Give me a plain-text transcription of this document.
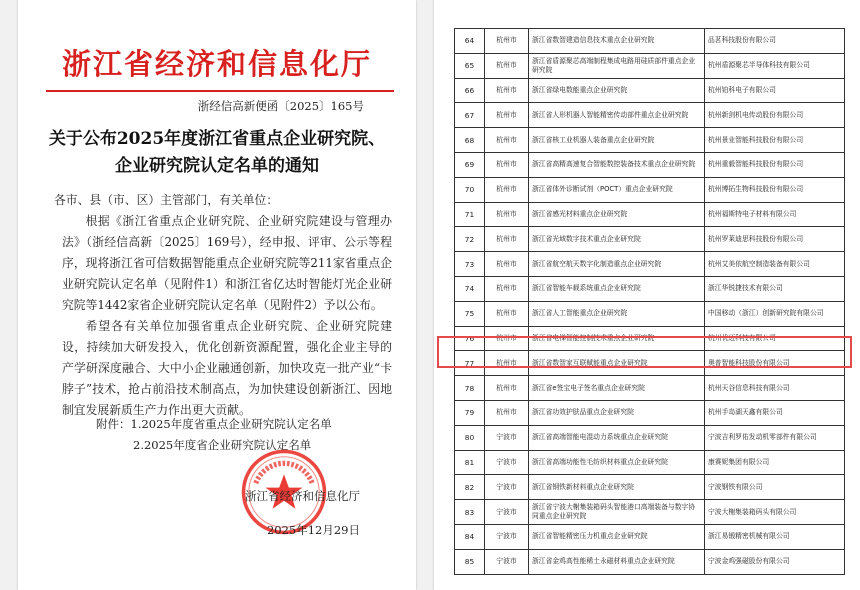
浙江省经济和信息化厅
浙经信高新便函〔2025〕165号
关于公布2025年度浙江省重点企业研究院、
企业研究院认定名单的通知
各市、县（市、区）主管部门，有关单位：
根据《浙江省重点企业研究院、企业研究院建设与管理办法》（浙经信高新〔2025〕169号），经申报、评审、公示等程序，现将浙江省可信数据智能重点企业研究院等211家省重点企业研究院认定名单（见附件1）和浙江省亿达时智能灯光企业研究院等1442家省企业研究院认定名单（见附件2）予以公布。
希望各有关单位加强省重点企业研究院、企业研究院建设，持续加大研发投入，优化创新资源配置，强化企业主导的产学研深度融合、大中小企业融通创新，加快攻克一批产业“卡脖子”技术，抢占前沿技术制高点，为加快建设创新浙江、因地制宜发展新质生产力作出更大贡献。
附件：1.2025年度省重点企业研究院认定名单
2.2025年度省企业研究院认定名单
浙江省经济和信息化厅
2025年12月29日
64	杭州市	浙江省数智建造信息技术重点企业研究院	品茗科技股份有限公司
65	杭州市	浙江省盾源聚芯高端制程集成电路用硅质部件重点企业研究院	杭州盾源聚芯半导体科技有限公司
66	杭州市	浙江省绿电数能重点企业研究院	杭州铂科电子有限公司
67	杭州市	浙江省人形机器人智能精密传动部件重点企业研究院	杭州新剑机电传动股份有限公司
68	杭州市	浙江省核工业机器人装备重点企业研究院	杭州景业智能科技股份有限公司
69	杭州市	浙江省高精高速复合智能数控装备技术重点企业研究院	杭州重毅智能科技股份有限公司
70	杭州市	浙江省体外诊断试剂（POCT）重点企业研究院	杭州博拓生物科技股份有限公司
71	杭州市	浙江省感光材料重点企业研究院	杭州福斯特电子材料有限公司
72	杭州市	浙江省光域数字技术重点企业研究院	杭州罗莱迪思科技股份有限公司
73	杭州市	浙江省航空航天数字化制造重点企业研究院	杭州艾美依航空制造装备有限公司
74	杭州市	浙江省智能车载系统重点企业研究院	浙江华锐捷技术有限公司
75	杭州市	浙江省人工智能重点企业研究院	中国移动（浙江）创新研究院有限公司
76	杭州市	浙江省电梯智能控制技术重点企业研究院	杭州优迈科技有限公司
77	杭州市	浙江省数智家互联赋能重点企业研究院	奥普智能科技股份有限公司
78	杭州市	浙江省e签宝电子签名重点企业研究院	杭州天谷信息科技有限公司
79	杭州市	浙江省功效护肤品重点企业研究院	杭州手岛湖天鑫有限公司
80	宁波市	浙江省高端智能电混动力系统重点企业研究院	宁波吉利罗佑发动机零部件有限公司
81	宁波市	浙江省高端功能性毛纺织材料重点企业研究院	康赛妮集团有限公司
82	宁波市	浙江省钢铁新材料重点企业研究院	宁波钢铁有限公司
83	宁波市	浙江省宁波大榭集装箱码头智能港口高端装备与数字协同重点企业研究院	宁波大榭集装箱码头有限公司
84	宁波市	浙江省智能精密压力机重点企业研究院	浙江易锻精密机械有限公司
85	宁波市	浙江省金鸡高性能稀土永磁材料重点企业研究院	宁波金鸡强磁股份有限公司
